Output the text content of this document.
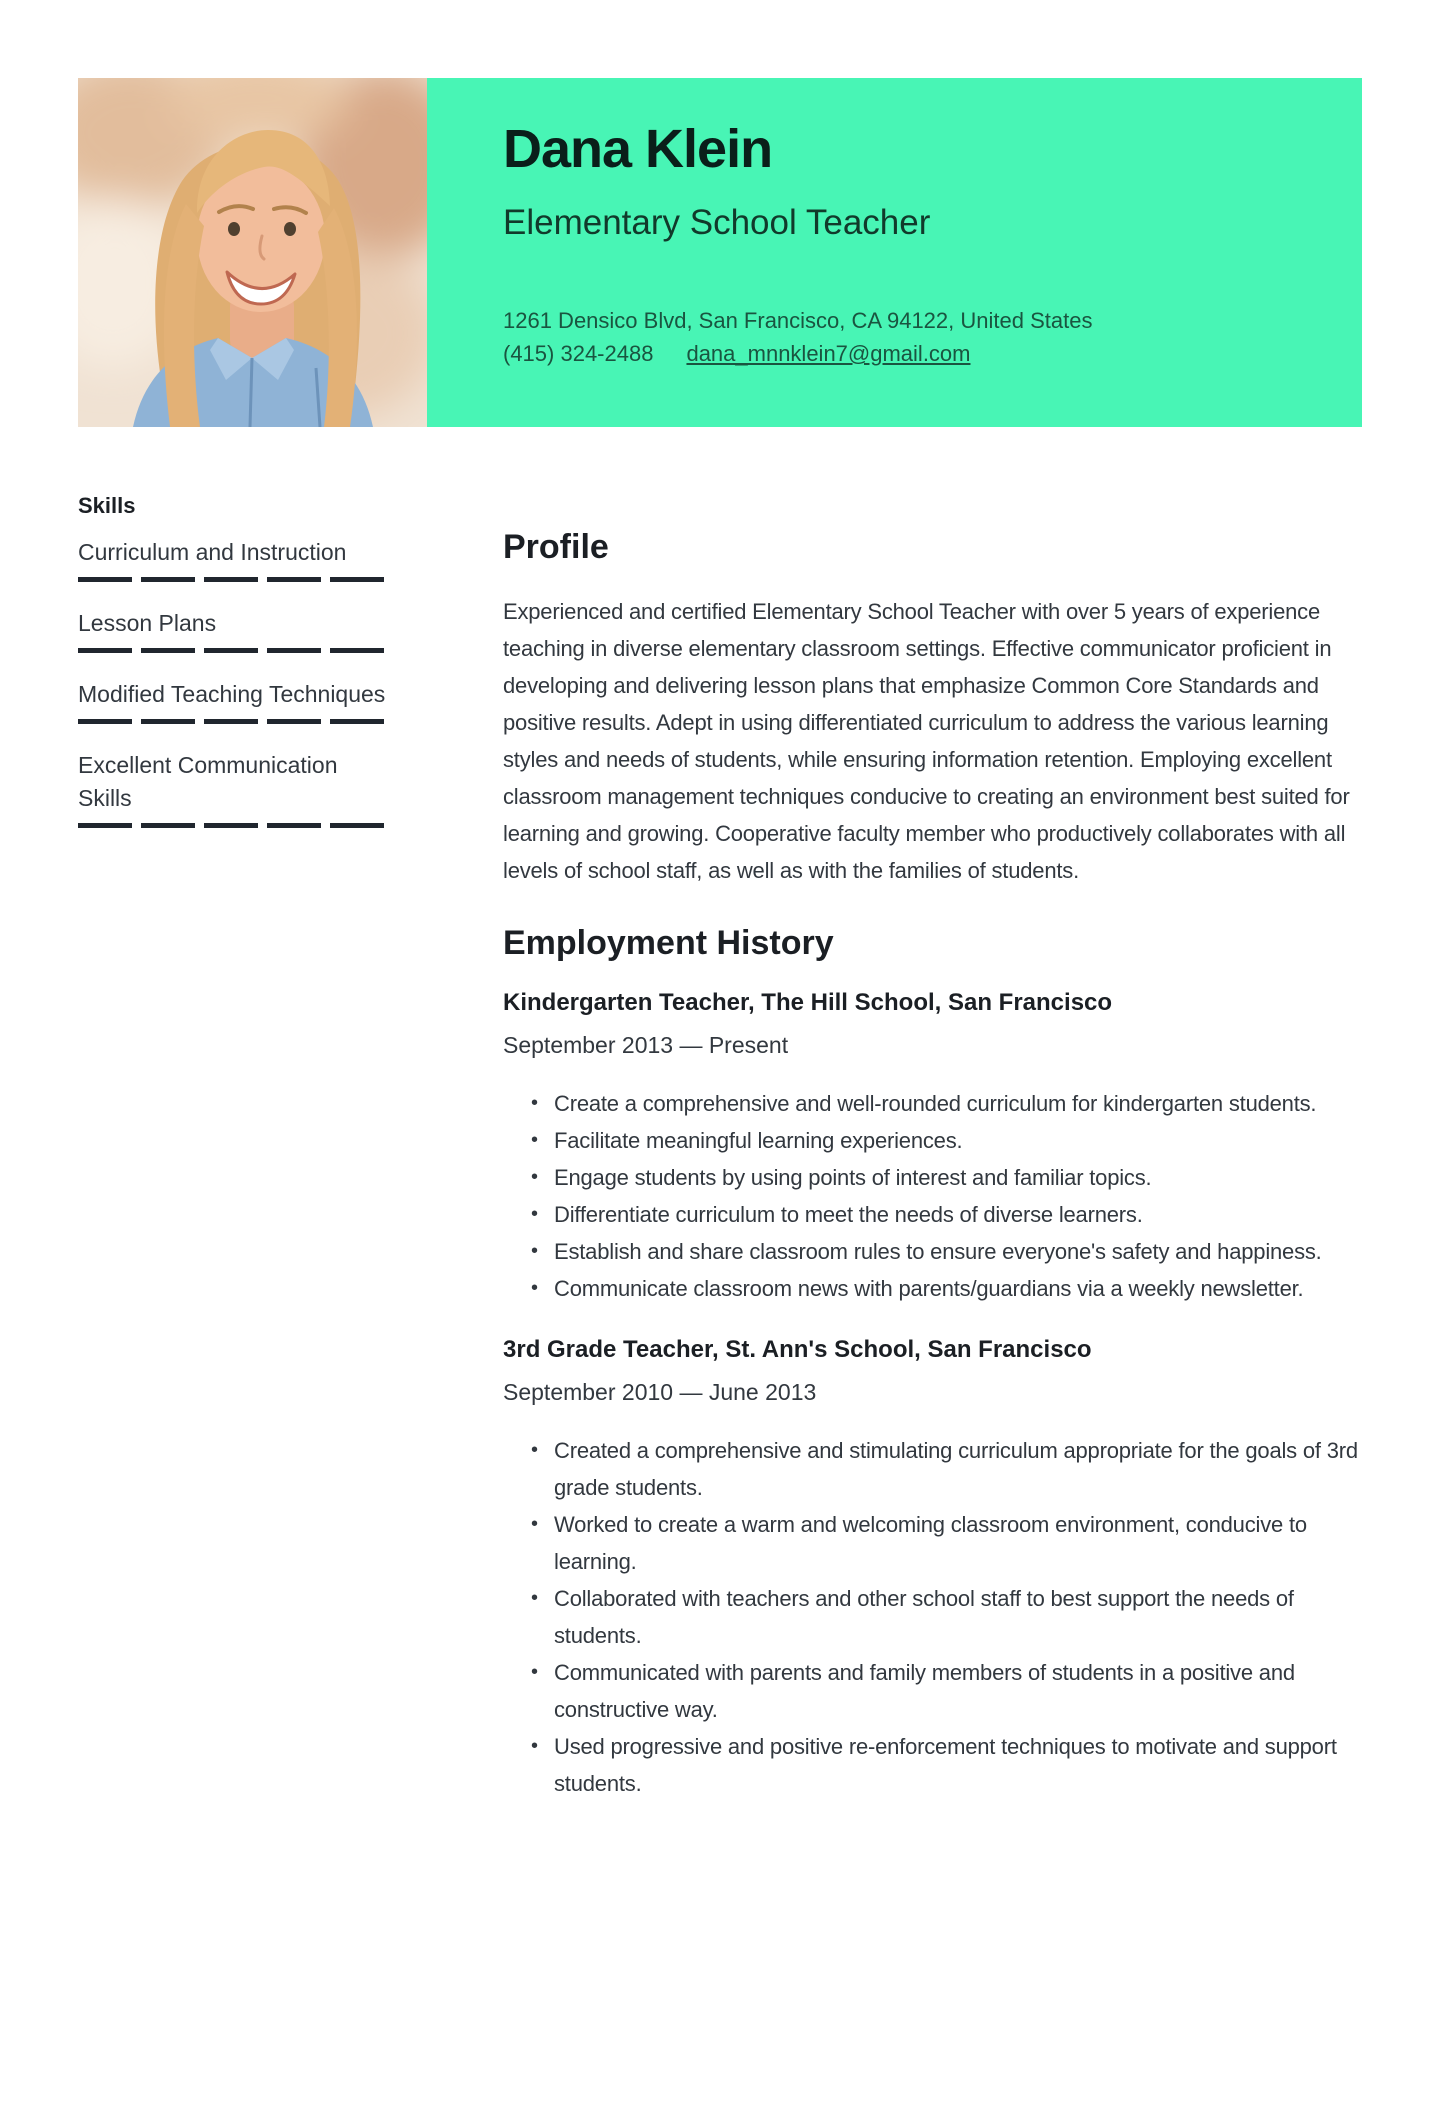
Dana Klein
Elementary School Teacher
1261 Densico Blvd, San Francisco, CA 94122, United States
(415) 324-2488 dana_mnnklein7@gmail.com
Skills
Curriculum and Instruction
Lesson Plans
Modified Teaching Techniques
Excellent Communication Skills
Profile

Experienced and certified Elementary School Teacher with over 5 years of experience teaching in diverse elementary classroom settings. Effective communicator proficient in developing and delivering lesson plans that emphasize Common Core Standards and positive results. Adept in using differentiated curriculum to address the various learning styles and needs of students, while ensuring information retention. Employing excellent classroom management techniques conducive to creating an environment best suited for learning and growing. Cooperative faculty member who productively collaborates with all levels of school staff, as well as with the families of students.

Employment History
Kindergarten Teacher, The Hill School, San Francisco
September 2013 — Present
• Create a comprehensive and well-rounded curriculum for kindergarten students.
• Facilitate meaningful learning experiences.
• Engage students by using points of interest and familiar topics.
• Differentiate curriculum to meet the needs of diverse learners.
• Establish and share classroom rules to ensure everyone's safety and happiness.
• Communicate classroom news with parents/guardians via a weekly newsletter.
3rd Grade Teacher, St. Ann's School, San Francisco
September 2010 — June 2013
• Created a comprehensive and stimulating curriculum appropriate for the goals of 3rd grade students.
• Worked to create a warm and welcoming classroom environment, conducive to learning.
• Collaborated with teachers and other school staff to best support the needs of students.
• Communicated with parents and family members of students in a positive and constructive way.
• Used progressive and positive re-enforcement techniques to motivate and support students.
